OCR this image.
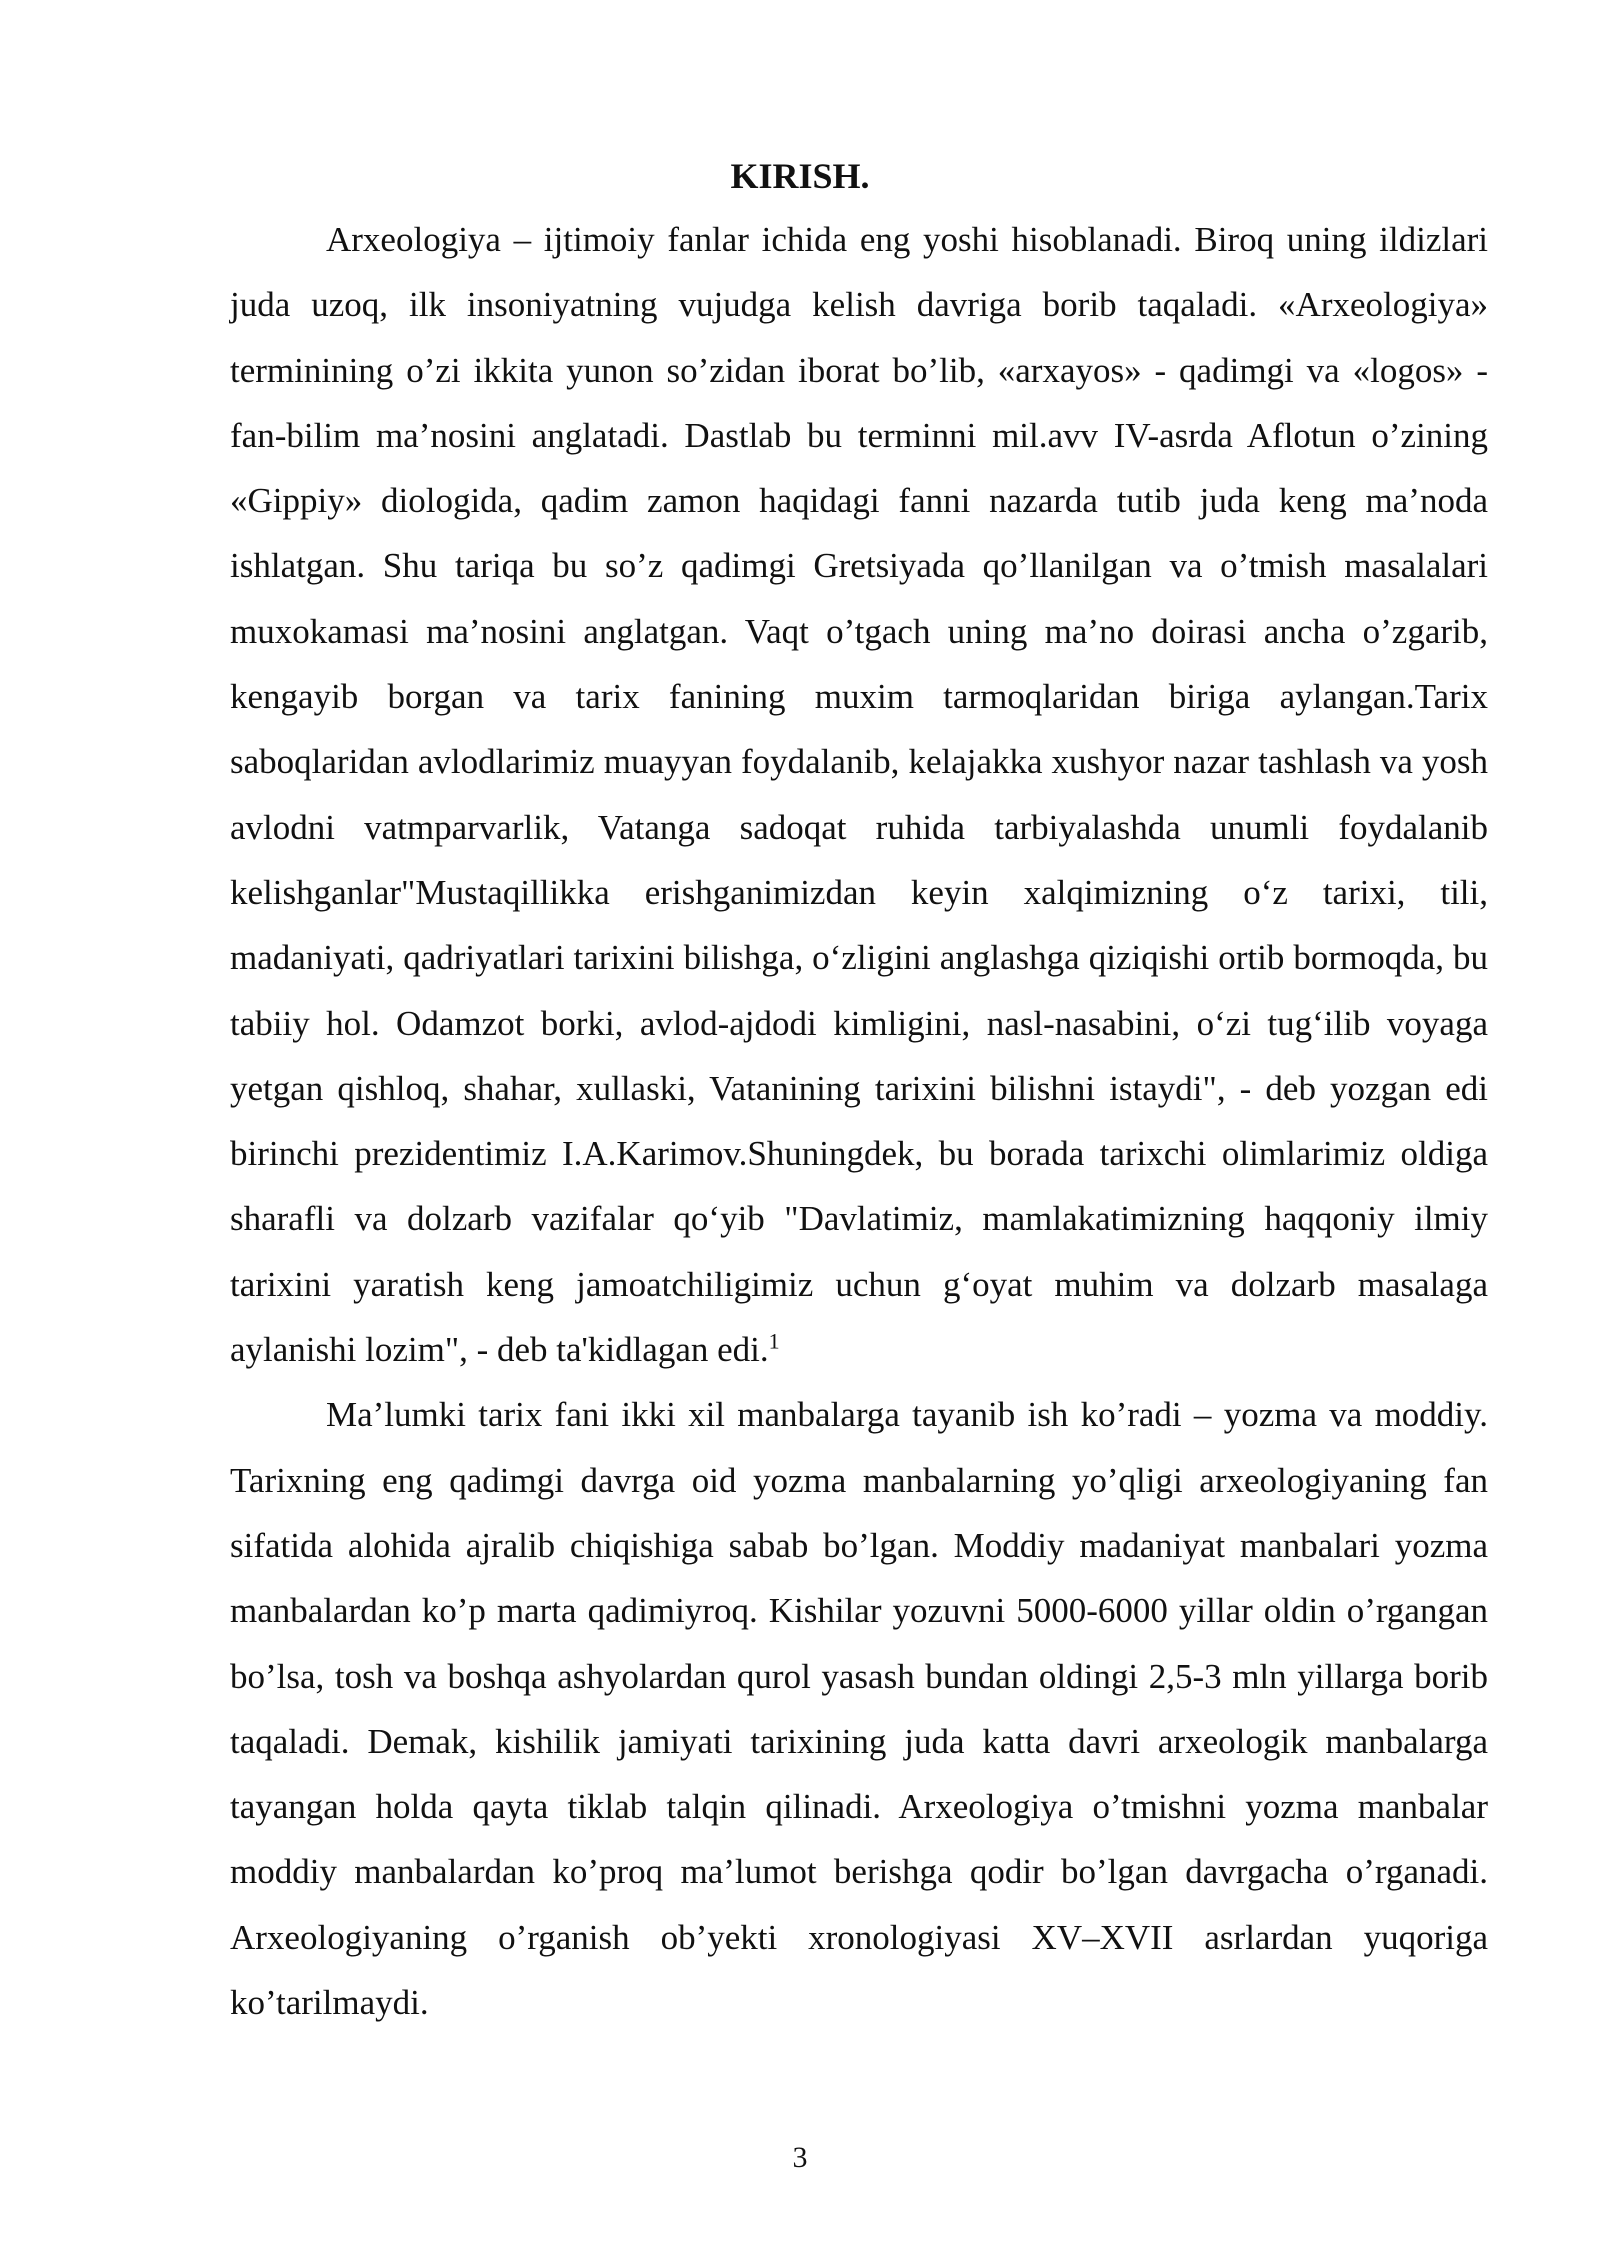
KIRISH.

Arxeologiya – ijtimoiy fanlar ichida eng yoshi hisoblanadi. Biroq uning ildizlari juda uzoq, ilk insoniyatning vujudga kelish davriga borib taqaladi. «Arxeologiya» terminining o’zi ikkita yunon so’zidan iborat bo’lib, «arxayos» - qadimgi va «logos» - fan-bilim ma’nosini anglatadi. Dastlab bu terminni mil.avv IV-asrda Aflotun o’zining «Gippiy» diologida, qadim zamon haqidagi fanni nazarda tutib juda keng ma’noda ishlatgan. Shu tariqa bu so’z qadimgi Gretsiyada qo’llanilgan va o’tmish masalalari muxokamasi ma’nosini anglatgan. Vaqt o’tgach uning ma’no doirasi ancha o’zgarib, kengayib borgan va tarix fanining muxim tarmoqlaridan biriga aylangan.Tarix saboqlaridan avlodlarimiz muayyan foydalanib, kelajakka xushyor nazar tashlash va yosh avlodni vatmparvarlik, Vatanga sadoqat ruhida tarbiyalashda unumli foydalanib kelishganlar"Mustaqillikka erishganimizdan keyin xalqimizning o‘z tarixi, tili, madaniyati, qadriyatlari tarixini bilishga, o‘zligini anglashga qiziqishi ortib bormoqda, bu tabiiy hol. Odamzot borki, avlod-ajdodi kimligini, nasl-nasabini, o‘zi tug‘ilib voyaga yetgan qishloq, shahar, xullaski, Vatanining tarixini bilishni istaydi", - deb yozgan edi birinchi prezidentimiz I.A.Karimov.Shuningdek, bu borada tarixchi olimlarimiz oldiga sharafli va dolzarb vazifalar qo‘yib "Davlatimiz, mamlakatimizning haqqoniy ilmiy tarixini yaratish keng jamoatchiligimiz uchun g‘oyat muhim va dolzarb masalaga aylanishi lozim", - deb ta'kidlagan edi.$^1$

Ma’lumki tarix fani ikki xil manbalarga tayanib ish ko’radi – yozma va moddiy. Tarixning eng qadimgi davrga oid yozma manbalarning yo’qligi arxeologiyaning fan sifatida alohida ajralib chiqishiga sabab bo’lgan. Moddiy madaniyat manbalari yozma manbalardan ko’p marta qadimiyroq. Kishilar yozuvni 5000-6000 yillar oldin o’rgangan bo’lsa, tosh va boshqa ashyolardan qurol yasash bundan oldingi 2,5-3 mln yillarga borib taqaladi. Demak, kishilik jamiyati tarixining juda katta davri arxeologik manbalarga tayangan holda qayta tiklab talqin qilinadi. Arxeologiya o’tmishni yozma manbalar moddiy manbalardan ko’proq ma’lumot berishga qodir bo’lgan davrgacha o’rganadi. Arxeologiyaning o’rganish ob’yekti xronologiyasi XV–XVII asrlardan yuqoriga ko’tarilmaydi.

3
